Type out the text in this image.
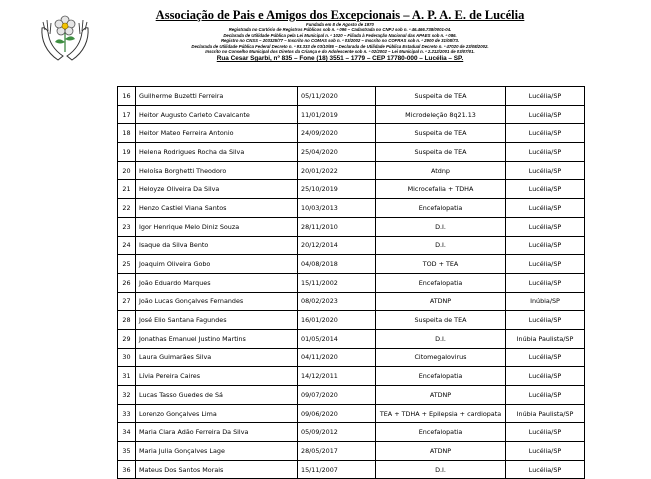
Associação de Pais e Amigos dos Excepcionais – A. P. A. E. de Lucélia
Fundada em 8 de Agosto de 1970
Registrada no Cartório de Registros Públicos sob n. º 096 – Cadastrada no CNPJ sob n. º 46.466.738/0001-04.
Declarada de Utilidade Pública pela Lei Municipal n. º 1020 – Filiada à Federação Nacional das APAES sob n. º 086.
Registro no CNSS – 203325/77 – Inscrito no COMAS sob n. º 03/2002 – Inscrito no COFRAS sob n. º 2900 de 31/08/73.
Declarada de Utilidade Pública Federal Decreto n. º 93.333 de 03/10/86 – Declarada de Utilidade Pública Estadual Decreto n. º 47020 de 23/08/2002.
Inscrito no Conselho Municipal dos Diretos da Criança e do Adolescente sob n. º 02/2002 – Lei Municipal n. º 2.212/2001 de 03/07/01.
Rua Cesar Sgarbi, nº 835 – Fone (18) 3551 – 1779 – CEP 17780-000 – Lucélia – SP.
16	Guilherme Buzetti Ferreira	05/11/2020	Suspeita de TEA	Lucélia/SP
17	Heitor Augusto Carleto Cavalcante	11/01/2019	Microdeleção 8q21.13	Lucélia/SP
18	Heitor Mateo Ferreira Antonio	24/09/2020	Suspeita de TEA	Lucélia/SP
19	Helena Rodrigues Rocha da Silva	25/04/2020	Suspeita de TEA	Lucélia/SP
20	Heloísa Borghetti Theodoro	20/01/2022	Atdnp	Lucélia/SP
21	Heloyze Oliveira Da Silva	25/10/2019	Microcefalia + TDHA	Lucélia/SP
22	Henzo Castiel Viana Santos	10/03/2013	Encefalopatia	Lucélia/SP
23	Igor Henrique Melo Diniz Souza	28/11/2010	D.I.	Lucélia/SP
24	Isaque da Silva Bento	20/12/2014	D.I.	Lucélia/SP
25	Joaquim Oliveira Gobo	04/08/2018	TOD + TEA	Lucélia/SP
26	João Eduardo Marques	15/11/2002	Encefalopatia	Lucélia/SP
27	João Lucas Gonçalves Fernandes	08/02/2023	ATDNP	Inúbia/SP
28	José Elio Santana Fagundes	16/01/2020	Suspeita de TEA	Lucélia/SP
29	Jonathas Emanuel Justino Martins	01/05/2014	D.I.	Inúbia Paulista/SP
30	Laura Guimarães Silva	04/11/2020	Citomegalovirus	Lucélia/SP
31	Lívia Pereira Caires	14/12/2011	Encefalopatia	Lucélia/SP
32	Lucas Tasso Guedes de Sá	09/07/2020	ATDNP	Lucélia/SP
33	Lorenzo Gonçalves Lima	09/06/2020	TEA + TDHA + Epilepsia + cardiopata	Inúbia Paulista/SP
34	Maria Clara Adão Ferreira Da Silva	05/09/2012	Encefalopatia	Lucélia/SP
35	Maria Julia Gonçalves Lage	28/05/2017	ATDNP	Lucélia/SP
36	Mateus Dos Santos Morais	15/11/2007	D.I.	Lucélia/SP
